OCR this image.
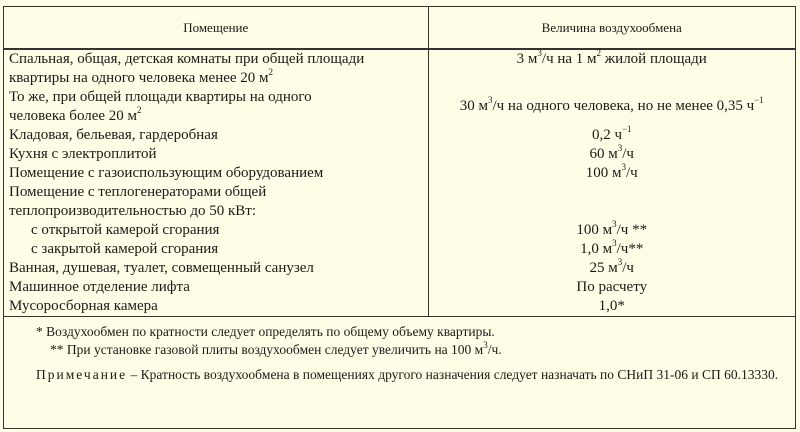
Помещение	Величина воздухообмена
Спальная, общая, детская комнаты при общей площади
квартиры на одного человека менее 20 $м^2$	3 $м^3/ч$ на 1 $м^2$ жилой площади

То же, при общей площади квартиры на одного
человека более 20 $м^2$	30 $м^3/ч$ на одного человека, но не менее 0,35 $ч^{-1}$
Кладовая, бельевая, гардеробная	0,2 $ч^{-1}$
Кухня с электроплитой	60 $м^3/ч$
Помещение с газоиспользующим оборудованием	100 $м^3/ч$
Помещение с теплогенераторами общей
теплопроизводительностью до 50 кВт:	
с открытой камерой сгорания	100 $м^3/ч$ **
с закрытой камерой сгорания	1,0 $м^3/ч**$
Ванная, душевая, туалет, совмещенный санузел	25 $м^3/ч$
Машинное отделение лифта	По расчету
Мусоросборная камера	1,0*

* Воздухообмен по кратности следует определять по общему объему квартиры.
** При установке газовой плиты воздухообмен следует увеличить на 100 $м^3/ч$.
Примечание – Кратность воздухообмена в помещениях другого назначения следует назначать по СНиП 31-06 и СП 60.13330.	
